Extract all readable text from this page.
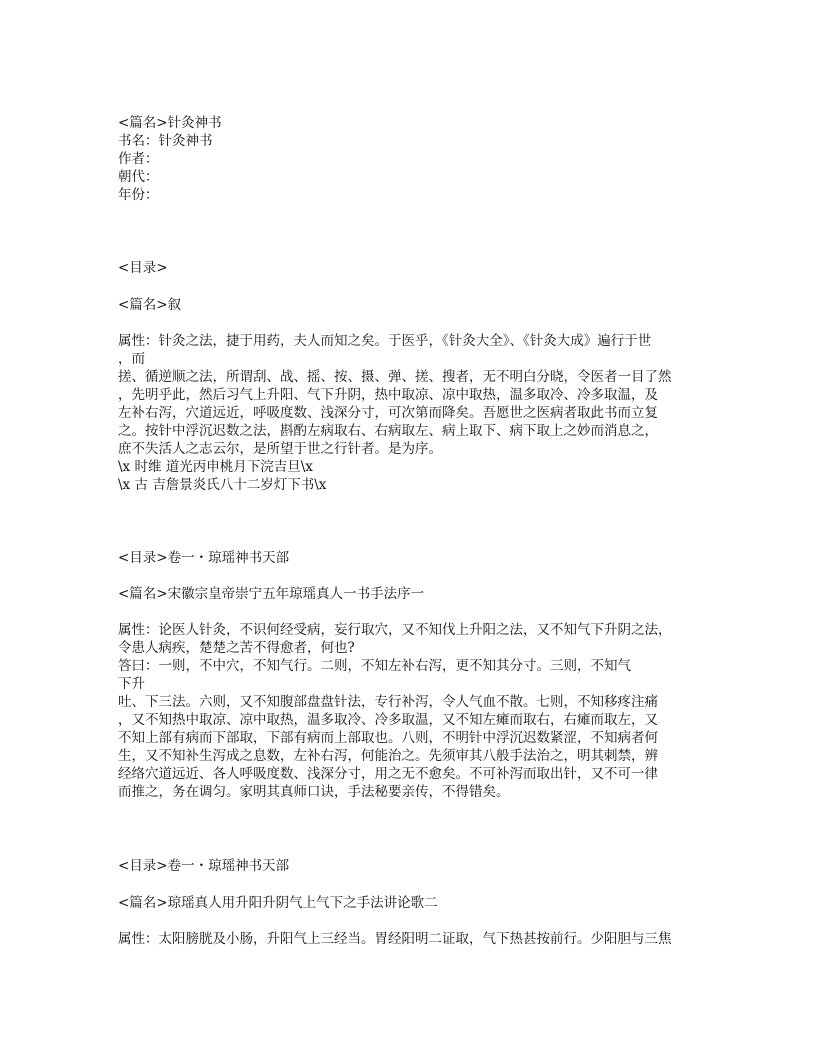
<篇名>针灸神书
书名：针灸神书
作者：
朝代：
年份：
<目录>
<篇名>叙
属性：针灸之法，捷于用药，夫人而知之矣。于医乎，《针灸大全》、《针灸大成》遍行于世
，而
搓、循逆顺之法，所谓刮、战、摇、按、摄、弹、搓、搜者，无不明白分晓，令医者一目了然
，先明乎此，然后习气上升阳、气下升阴，热中取凉、凉中取热，温多取冷、冷多取温，及
左补右泻，穴道远近，呼吸度数、浅深分寸，可次第而降矣。吾愿世之医病者取此书而立复
之。按针中浮沉迟数之法，斟酌左病取右、右病取左、病上取下、病下取上之妙而消息之，
庶不失活人之志云尔，是所望于世之行针者。是为序。
\x 时维 道光丙申桃月下浣吉旦\x
\x 古 吉詹景炎氏八十二岁灯下书\x
<目录>卷一・琼瑶神书天部
<篇名>宋徽宗皇帝崇宁五年琼瑶真人一书手法序一
属性：论医人针灸，不识何经受病，妄行取穴，又不知伐上升阳之法，又不知气下升阴之法，
令患人病疾，楚楚之苦不得愈者，何也?
答曰：一则，不中穴，不知气行。二则，不知左补右泻，更不知其分寸。三则，不知气
下升
吐、下三法。六则，又不知腹部盘盘针法，专行补泻，令人气血不散。七则，不知移疼注痛
，又不知热中取凉、凉中取热，温多取冷、冷多取温，又不知左瘫而取右，右瘫而取左，又
不知上部有病而下部取，下部有病而上部取也。八则，不明针中浮沉迟数紧涩，不知病者何
生，又不知补生泻成之息数，左补右泻，何能治之。先须审其八般手法治之，明其刺禁，辨
经络穴道远近、各人呼吸度数、浅深分寸，用之无不愈矣。不可补泻而取出针，又不可一律
而推之，务在调匀。家明其真师口诀，手法秘要亲传，不得错矣。
<目录>卷一・琼瑶神书天部
<篇名>琼瑶真人用升阳升阴气上气下之手法讲论歌二
属性：太阳膀胱及小肠，升阳气上三经当。胃经阳明二证取，气下热甚按前行。少阳胆与三焦
